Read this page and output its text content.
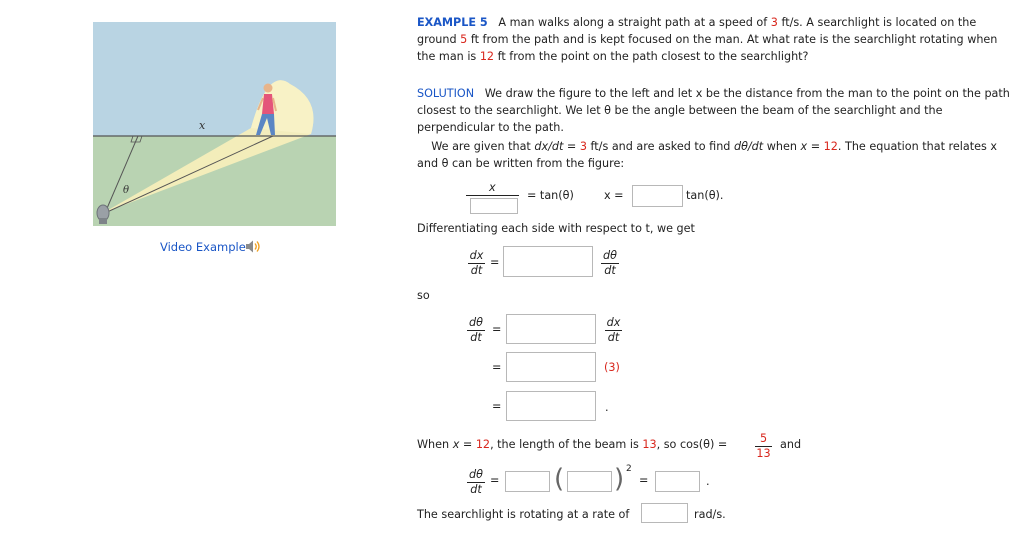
x
θ
Video Example
EXAMPLE 5 A man walks along a straight path at a speed of 3 ft/s. A searchlight is located on the ground 5 ft from the path and is kept focused on the man. At what rate is the searchlight rotating when the man is 12 ft from the point on the path closest to the searchlight?
SOLUTION We draw the figure to the left and let x be the distance from the man to the point on the path closest to the searchlight. We let θ be the angle between the beam of the searchlight and the perpendicular to the path.
We are given that dx/dt = 3 ft/s and are asked to find dθ/dt when x = 12. The equation that relates x and θ can be written from the figure:
x
= tan(θ)	x =	tan(θ).
Differentiating each side with respect to t, we get
dx
dt
=
dθ
dt
so
dθ
dt
=
dx
dt
=	(3)
=	.
When x = 12, the length of the beam is 13, so cos(θ) =	5
13
and
dθ
dt
= ( ) 2
=	.
The searchlight is rotating at a rate of	rad/s.
